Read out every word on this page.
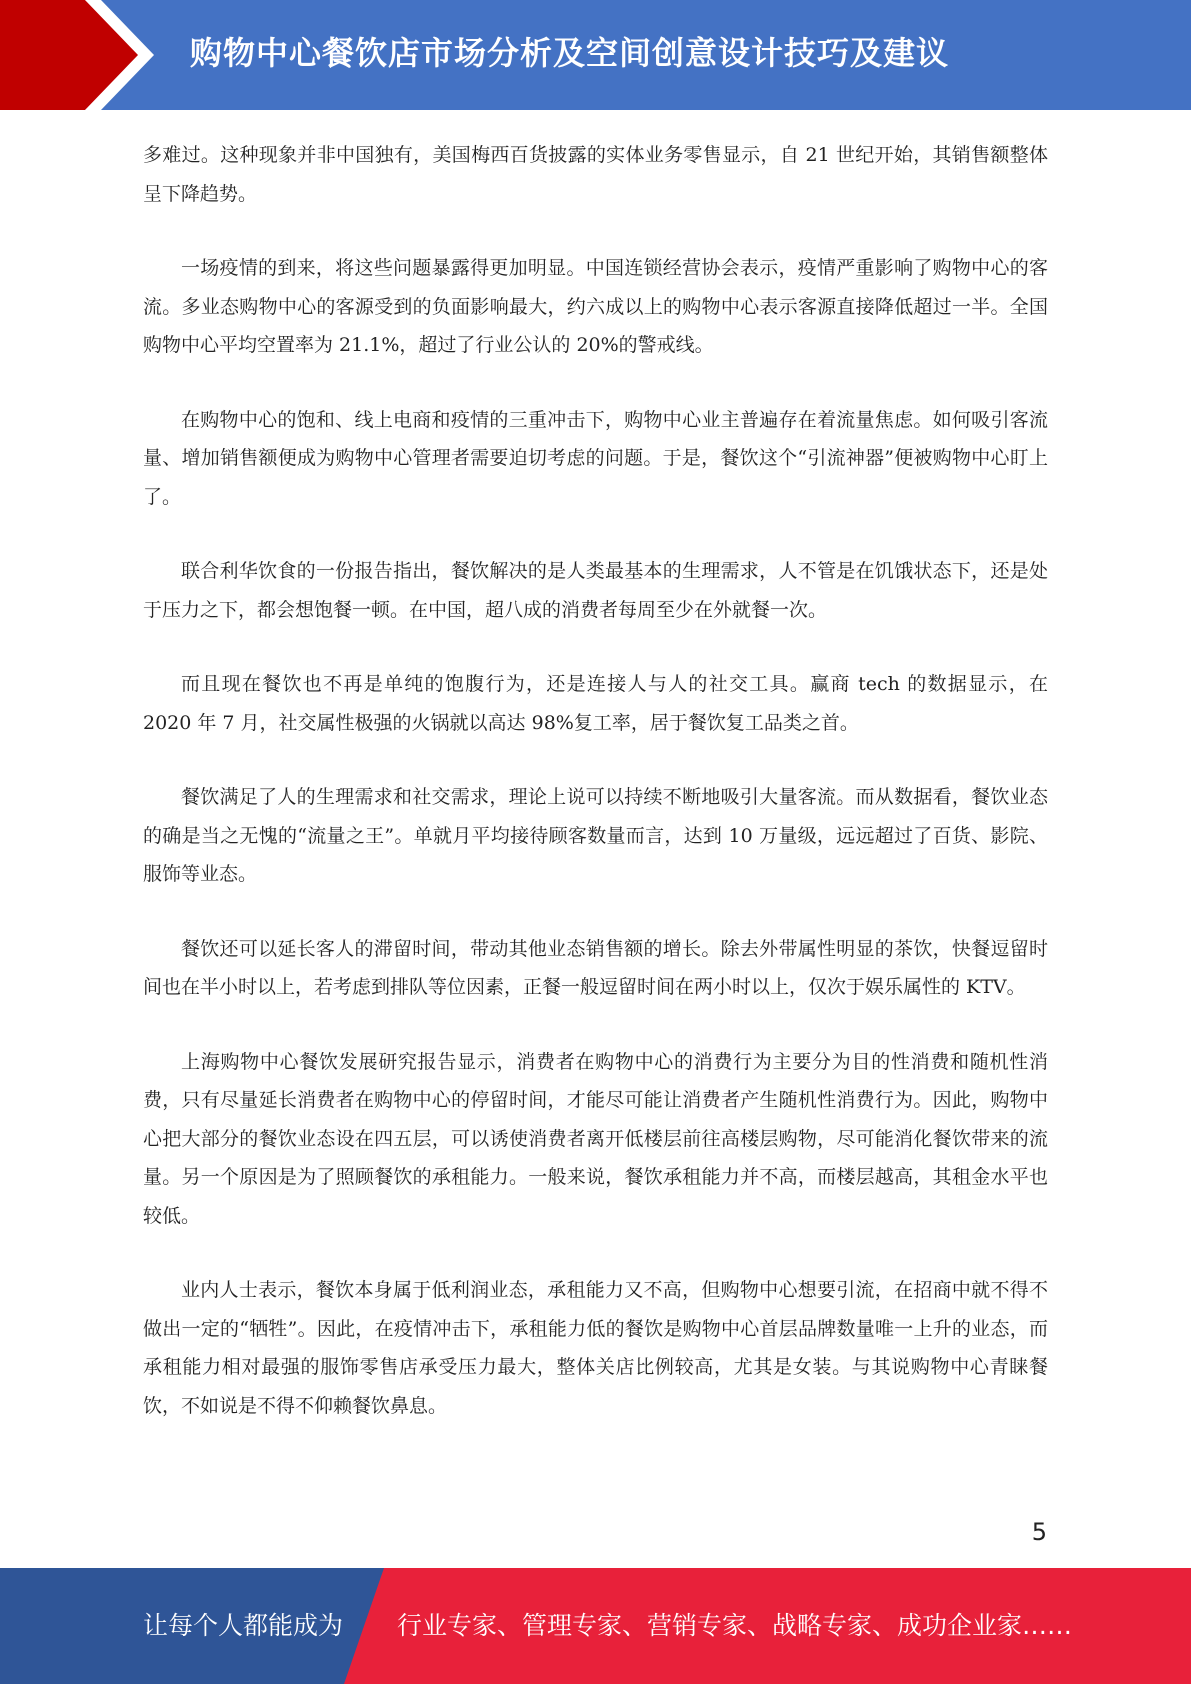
购物中心餐饮店市场分析及空间创意设计技巧及建议

多难过。这种现象并非中国独有，美国梅西百货披露的实体业务零售显示，自 21 世纪开始，其销售额整体呈下降趋势。

一场疫情的到来，将这些问题暴露得更加明显。中国连锁经营协会表示，疫情严重影响了购物中心的客流。多业态购物中心的客源受到的负面影响最大，约六成以上的购物中心表示客源直接降低超过一半。全国购物中心平均空置率为 21.1%，超过了行业公认的 20%的警戒线。

在购物中心的饱和、线上电商和疫情的三重冲击下，购物中心业主普遍存在着流量焦虑。如何吸引客流量、增加销售额便成为购物中心管理者需要迫切考虑的问题。于是，餐饮这个“引流神器”便被购物中心盯上了。

联合利华饮食的一份报告指出，餐饮解决的是人类最基本的生理需求，人不管是在饥饿状态下，还是处于压力之下，都会想饱餐一顿。在中国，超八成的消费者每周至少在外就餐一次。

而且现在餐饮也不再是单纯的饱腹行为，还是连接人与人的社交工具。赢商 tech 的数据显示，在 2020 年 7 月，社交属性极强的火锅就以高达 98%复工率，居于餐饮复工品类之首。

餐饮满足了人的生理需求和社交需求，理论上说可以持续不断地吸引大量客流。而从数据看，餐饮业态的确是当之无愧的“流量之王”。单就月平均接待顾客数量而言，达到 10 万量级，远远超过了百货、影院、服饰等业态。

餐饮还可以延长客人的滞留时间，带动其他业态销售额的增长。除去外带属性明显的茶饮，快餐逗留时间也在半小时以上，若考虑到排队等位因素，正餐一般逗留时间在两小时以上，仅次于娱乐属性的 KTV。

上海购物中心餐饮发展研究报告显示，消费者在购物中心的消费行为主要分为目的性消费和随机性消费，只有尽量延长消费者在购物中心的停留时间，才能尽可能让消费者产生随机性消费行为。因此，购物中心把大部分的餐饮业态设在四五层，可以诱使消费者离开低楼层前往高楼层购物，尽可能消化餐饮带来的流量。另一个原因是为了照顾餐饮的承租能力。一般来说，餐饮承租能力并不高，而楼层越高，其租金水平也较低。

业内人士表示，餐饮本身属于低利润业态，承租能力又不高，但购物中心想要引流，在招商中就不得不做出一定的“牺牲”。因此，在疫情冲击下，承租能力低的餐饮是购物中心首层品牌数量唯一上升的业态，而承租能力相对最强的服饰零售店承受压力最大，整体关店比例较高，尤其是女装。与其说购物中心青睐餐饮，不如说是不得不仰赖餐饮鼻息。

5
让每个人都能成为 行业专家、管理专家、营销专家、战略专家、成功企业家……
